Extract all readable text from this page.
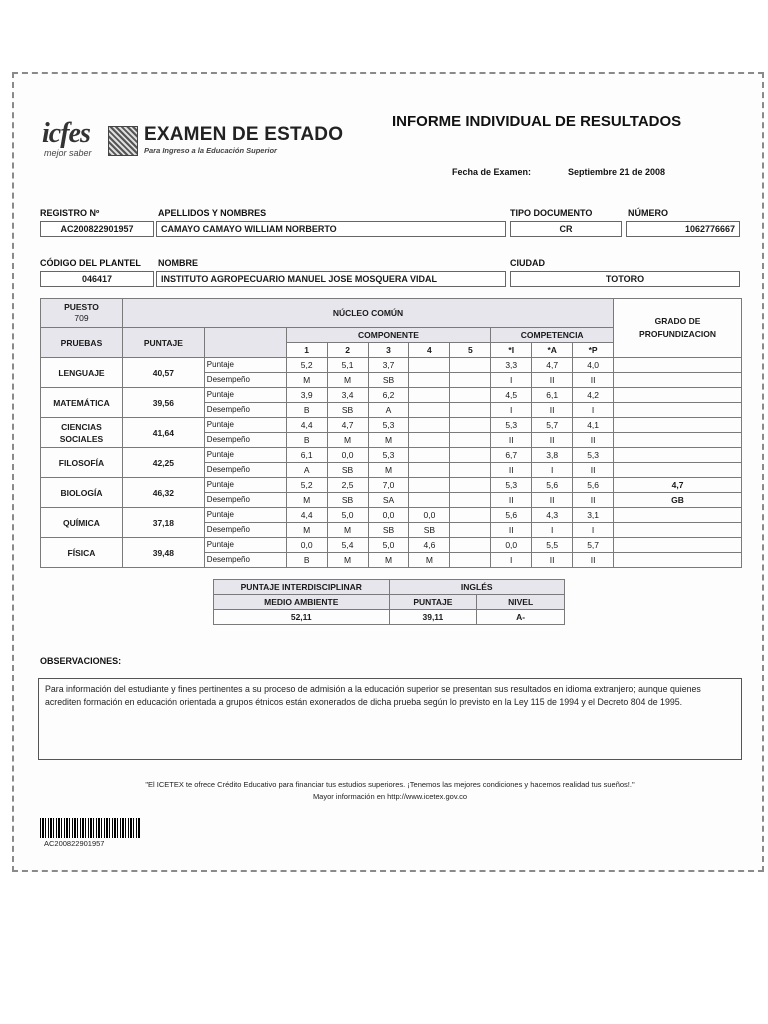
icfes
mejor saber
EXAMEN DE ESTADO
Para Ingreso a la Educación Superior
INFORME INDIVIDUAL DE RESULTADOS
Fecha de Examen:	Septiembre 21 de 2008
REGISTRO Nº	APELLIDOS Y NOMBRES	TIPO DOCUMENTO	NÚMERO
AC200822901957	CAMAYO CAMAYO WILLIAM NORBERTO	CR	1062776667
CÓDIGO DEL PLANTEL NOMBRE	CIUDAD
046417	INSTITUTO AGROPECUARIO MANUEL JOSE MOSQUERA VIDAL	TOTORO
PUESTO
709	NÚCLEO COMÚN										GRADO DE PROFUNDIZACION
PRUEBAS	PUNTAJE		COMPONENTE					COMPETENCIA			
			1	2	3	4	5	*I	*A	*P	
LENGUAJE	40,57	Puntaje	5,2	5,1	3,7			3,3	4,7	4,0	
		Desempeño	M	M	SB			I	II	II	
MATEMÁTICA	39,56	Puntaje	3,9	3,4	6,2			4,5	6,1	4,2	
		Desempeño	B	SB	A			I	II	I	
CIENCIAS SOCIALES	41,64	Puntaje	4,4	4,7	5,3			5,3	5,7	4,1	
		Desempeño	B	M	M			II	II	II	
FILOSOFÍA	42,25	Puntaje	6,1	0,0	5,3			6,7	3,8	5,3	
		Desempeño	A	SB	M			II	I	II	
BIOLOGÍA	46,32	Puntaje	5,2	2,5	7,0			5,3	5,6	5,6	4,7
		Desempeño	M	SB	SA			II	II	II	GB
QUÍMICA	37,18	Puntaje	4,4	5,0	0,0	0,0		5,6	4,3	3,1	
		Desempeño	M	M	SB	SB		II	I	I	
FÍSICA	39,48	Puntaje	0,0	5,4	5,0	4,6		0,0	5,5	5,7	
		Desempeño	B	M	M	M		I	II	II	
PUNTAJE INTERDISCIPLINAR	INGLÉS	
MEDIO AMBIENTE	PUNTAJE	NIVEL
52,11	39,11	A-
OBSERVACIONES:
Para información del estudiante y fines pertinentes a su proceso de admisión a la educación superior se presentan sus resultados en idioma extranjero; aunque quienes acrediten formación en educación orientada a grupos étnicos están exonerados de dicha prueba según lo previsto en la Ley 115 de 1994 y el Decreto 804 de 1995.
"El ICETEX te ofrece Crédito Educativo para financiar tus estudios superiores. ¡Tenemos las mejores condiciones y hacemos realidad tus sueños!."
Mayor información en http://www.icetex.gov.co
AC200822901957
